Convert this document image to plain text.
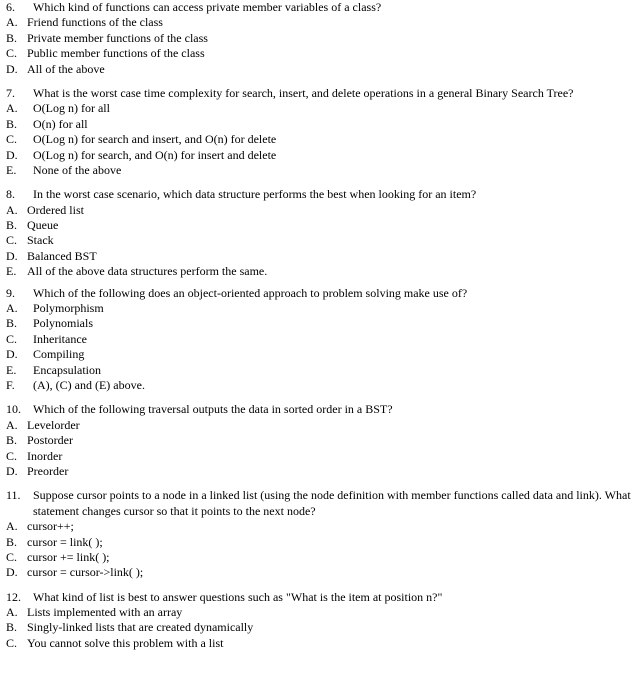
6.	Which kind of functions can access private member variables of a class?
A. Friend functions of the class
B. Private member functions of the class
C. Public member functions of the class
D. All of the above
7.	What is the worst case time complexity for search, insert, and delete operations in a general Binary Search Tree?
A.	O(Log n) for all
B.	O(n) for all
C.	O(Log n) for search and insert, and O(n) for delete
D.	O(Log n) for search, and O(n) for insert and delete
E.	None of the above
8.	In the worst case scenario, which data structure performs the best when looking for an item?
A. Ordered list
B. Queue
C. Stack
D. Balanced BST
E. All of the above data structures perform the same.
9.	Which of the following does an object-oriented approach to problem solving make use of?
A.	Polymorphism
B.	Polynomials
C.	Inheritance
D.	Compiling
E.	Encapsulation
F.	(A), (C) and (E) above.
10.	Which of the following traversal outputs the data in sorted order in a BST?
A. Levelorder
B. Postorder
C. Inorder
D. Preorder
11.	Suppose cursor points to a node in a linked list (using the node definition with member functions called data and link). What statement changes cursor so that it points to the next node?
A. cursor++;
B. cursor = link( );
C. cursor += link( );
D. cursor = cursor->link( );
12.	What kind of list is best to answer questions such as "What is the item at position n?"
A. Lists implemented with an array
B. Singly-linked lists that are created dynamically
C. You cannot solve this problem with a list
